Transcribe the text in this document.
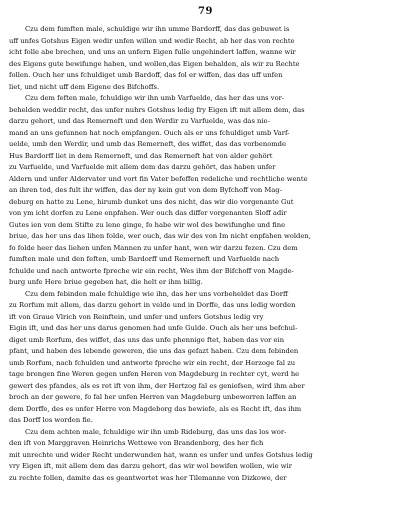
79

Czu dem fumften male, schuldige wir ihn umme Bardorff, das das gebuwet is

uff unfes Gotshus Eigen wedir unfen willen und wedir Recht, ab her das von rechte

icht folle abe brechen, und uns an unfern Eigen fulle ungehindert laffen, wanne wir

des Eigens gute bewifunge haben, und wollen,das Eigen behalden, als wir zu Rechte

follen. Ouch her uns fchuldiget umb Bardoff, das fol er wiffen, das das uff unfen

liet, und nicht uff dem Eigene des Bifchoffs.

Czu dem feften male, fchuldige wir ihn umb Varfuelde, das her das uns vor-

behelden weddir recht, das unfer nuhrs Gotshus ledig fry Eigen ift mit allem dem, das

darzu gehort, und das Remerneft und den Werdir zu Varfuelde, was das nie-

mand an uns gefunnen hat noch empfangen. Ouch als er uns fchuldiget umb Varf-

uelde, umb den Werdir, und umb das Remerneft, des wiffet, das das vorbenomde

Hus Bardorff liet in dem Remerneft, und das Remerneft hat von alder gehört

zu Varfuelde, und Varfuelde mit allem dem das darzu gehört, das haben unfer

Aldern und unfer Aldervater und vort fin Vater befeffen redeliche und rechtliche wente

an ihren tod, des fult ihr wiffen, das der ny kein gut von dem Byfchoff von Mag-

deburg en hatte zu Lene, hirumb dunket uns des nicht, das wir dio vorgenante Gut

von ym icht dorfen zu Lene enpfahen. Wer ouch das differ vorgenanten Sloff adir

Gutes ien von dem Stifte zu lene ginge, fo habe wir wol des bewifunghe und fine

briue, das her uns das lihen folde, wer ouch, das wir des von Im nicht enpfahen wolden,

fo folde heer das liehen unfen Mannen zu unfer hant, wen wir darzu fezen. Czu dem

fumften male und den feften, umb Bardorff und Remerneft und Varfuelde nach

fchulde und nach antworte fpreche wir ein recht, Wes ihm der Bifchoff von Magde-

burg unfe Here briue gegeben hat, die helt er ihm billig.

Czu dem febinden male fchuldige wie ihn, das her uns vorbeheldet das Dorff

zu Rorfum mit allem, das darzu gehort in velde und in Dorffe, das uns ledig worden

ift von Graue Vlrich von Reinftein, und unfer und unfers Gotshus ledig vry

Eigin ift, und das her uns darus genomen had unfe Gulde. Ouch als her uns befchul-

diget umb Rorfum, des wiffet, das uns das unfe phennige ftet, haben das vor ein

pfant, und haben des lebende geweren, die uns das gefazt haben. Czu dem febinden

umb Rorfum, nach fchulden und antworte fpreche wir ein recht, der Herzoge fal zu

tage brengen fine Weren gegen unfen Heren von Magdeburg in rechter cyt, werd he

gewert des pfandes, als es ret ift von ihm, der Hertzog fal es geniefsen, wird ihm aber

broch an der gewere, fo fal her unfen Herren van Magdeburg unbeworren laffen an

dem Dorffe, des es unfer Herre von Magdeborg das bewiefe, als es Recht ift, das ihm

das Dorff los worden fie.

Czu dem achten male, fchuldige wir ihn umb Rideburg, das uns das los wor-

den ift von Marggraven Heinrichs Wettewe von Brandenborg, des her fich

mit unrechte und wider Recht underwunden hat, wann es unfer und unfes Gotshus ledig

vry Eigen ift, mit allem dem das darzu gehort, das wir wol bewifen wollen, wie wir

zu rechte follen, damite das es geantwortet was her Tilemanne von Dizkowe, der
